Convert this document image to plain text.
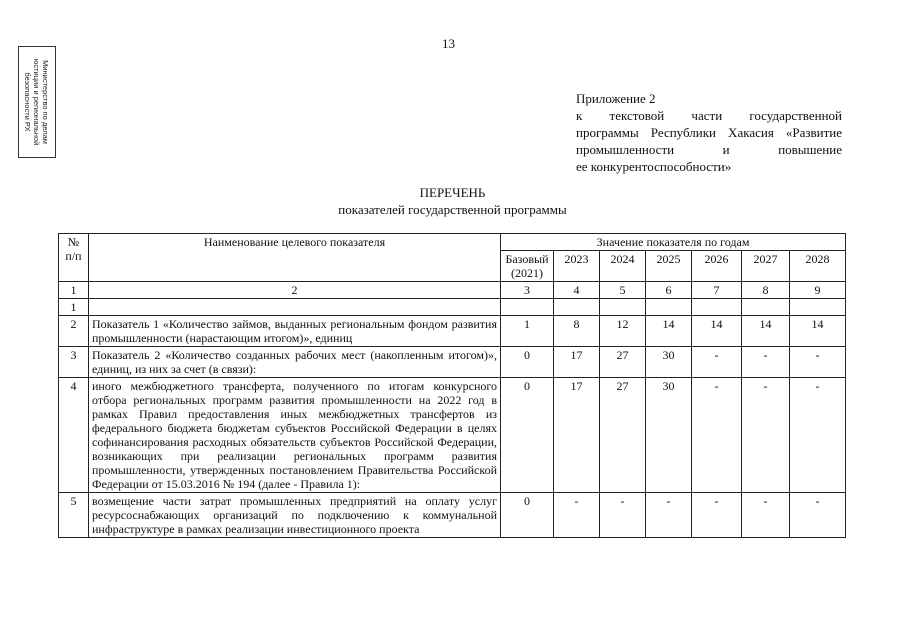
13
Министерство по делам
юстиции и региональной
безопасности РХ	Приложение 2
к текстовой части государственной
программы Республики Хакасия «Развитие
промышленности и повышение
ее конкурентоспособности»
ПЕРЕЧЕНЬ
показателей государственной программы
№
п/п	Наименование целевого показателя	Значение показателя по годам						
		Базовый
(2021)	2023	2024	2025	2026	2027	2028
1	2	3	4	5	6	7	8	9
1								
2	Показатель 1 «Количество займов, выданных региональным фондом развития промышленности (нарастающим итогом)», единиц	1	8	12	14	14	14	14
3	Показатель 2 «Количество созданных рабочих мест (накопленным итогом)», единиц, из них за счет (в связи):	0	17	27	30	-	-	-
4	иного межбюджетного трансферта, полученного по итогам конкурсного отбора региональных программ развития промышленности на 2022 год в рамках Правил предоставления иных межбюджетных трансфертов из федерального бюджета бюджетам субъектов Российской Федерации в целях софинансирования расходных обязательств субъектов Российской Федерации, возникающих при реализации региональных программ развития промышленности, утвержденных постановлением Правительства Российской Федерации от 15.03.2016 № 194 (далее - Правила 1):	0	17	27	30	-	-	-
5	возмещение части затрат промышленных предприятий на оплату услуг ресурсоснабжающих организаций по подключению к коммунальной инфраструктуре в рамках реализации инвестиционного проекта	0	-	-	-	-	-	-
